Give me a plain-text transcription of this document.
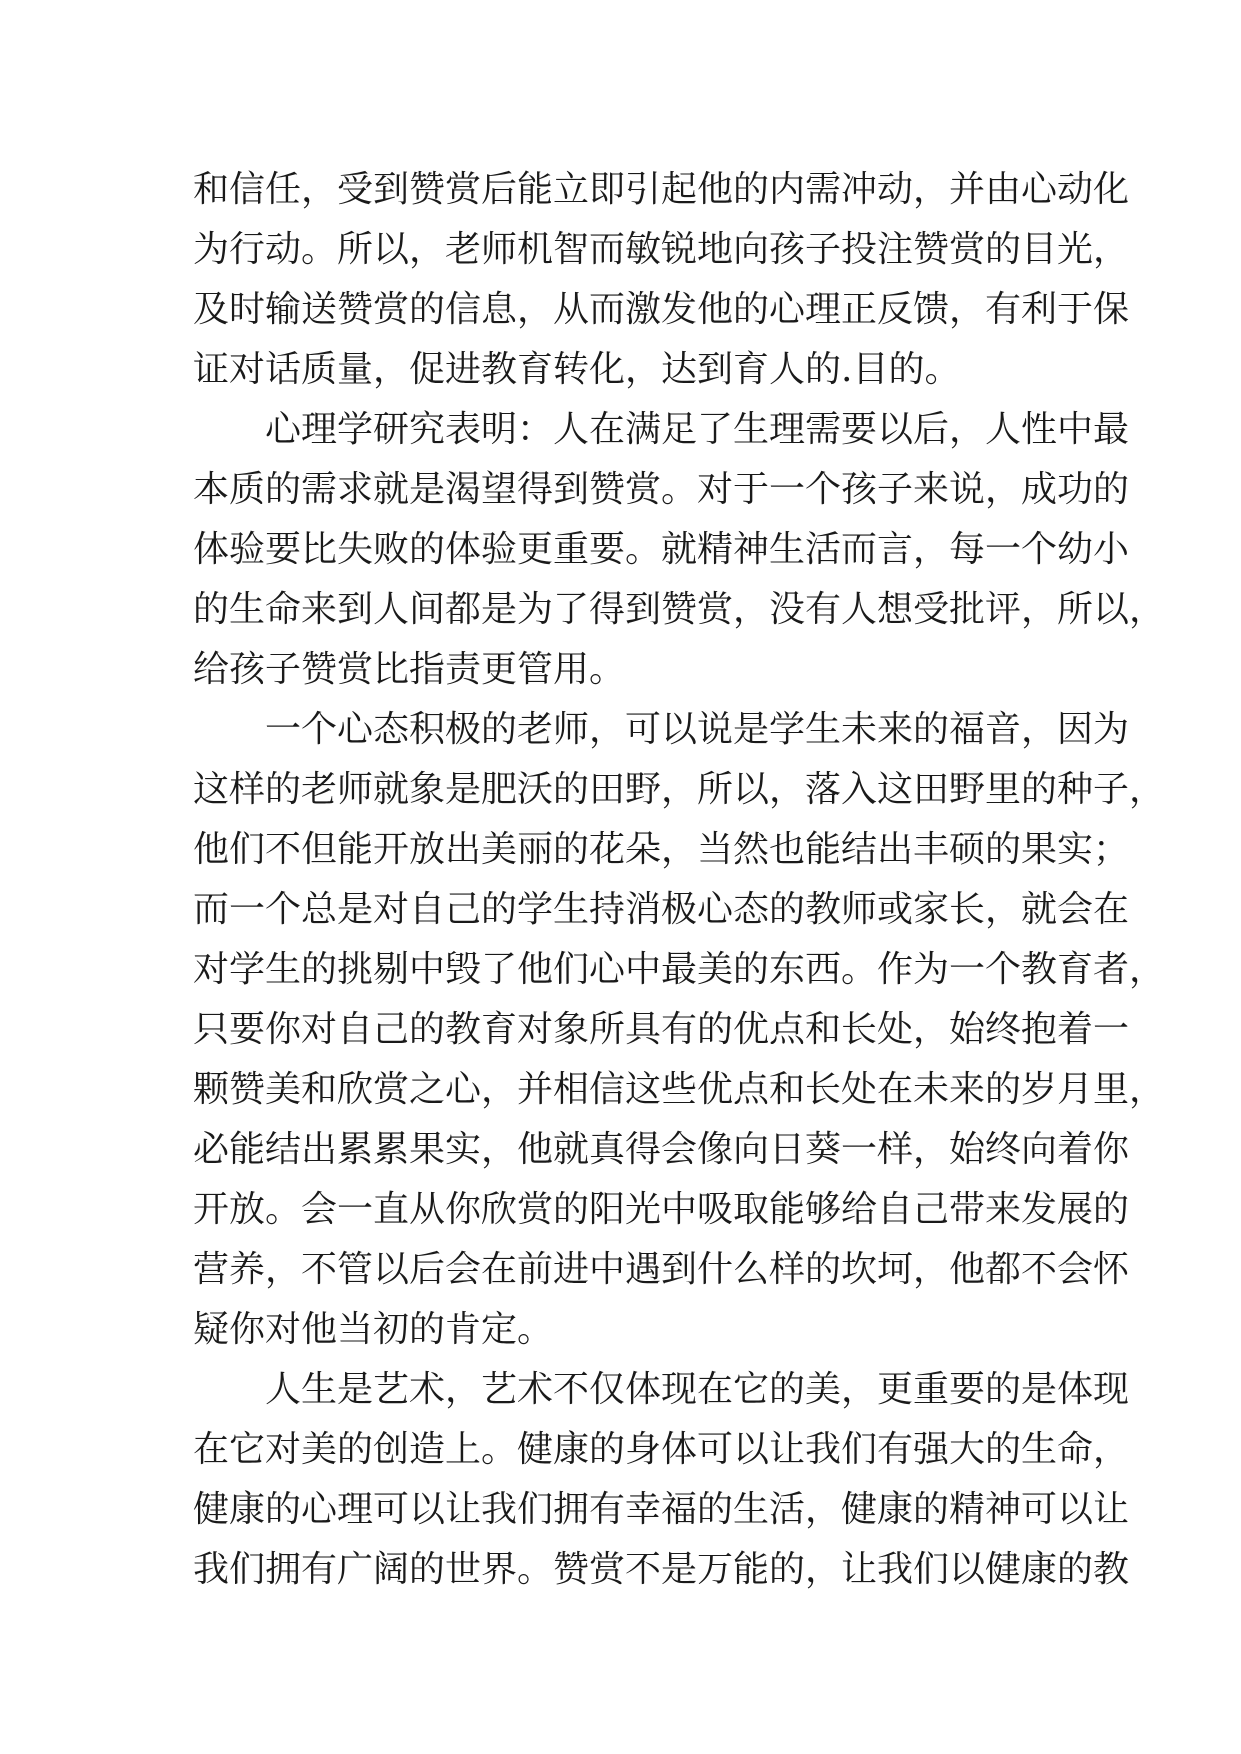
和信任，受到赞赏后能立即引起他的内需冲动，并由心动化
为行动。所以，老师机智而敏锐地向孩子投注赞赏的目光，
及时输送赞赏的信息，从而激发他的心理正反馈，有利于保
证对话质量，促进教育转化，达到育人的.目的。
心理学研究表明：人在满足了生理需要以后，人性中最
本质的需求就是渴望得到赞赏。对于一个孩子来说，成功的
体验要比失败的体验更重要。就精神生活而言，每一个幼小
的生命来到人间都是为了得到赞赏，没有人想受批评，所以，
给孩子赞赏比指责更管用。
一个心态积极的老师，可以说是学生未来的福音，因为
这样的老师就象是肥沃的田野，所以，落入这田野里的种子，
他们不但能开放出美丽的花朵，当然也能结出丰硕的果实；
而一个总是对自己的学生持消极心态的教师或家长，就会在
对学生的挑剔中毁了他们心中最美的东西。作为一个教育者，
只要你对自己的教育对象所具有的优点和长处，始终抱着一
颗赞美和欣赏之心，并相信这些优点和长处在未来的岁月里，
必能结出累累果实，他就真得会像向日葵一样，始终向着你
开放。会一直从你欣赏的阳光中吸取能够给自己带来发展的
营养，不管以后会在前进中遇到什么样的坎坷，他都不会怀
疑你对他当初的肯定。
人生是艺术，艺术不仅体现在它的美，更重要的是体现
在它对美的创造上。健康的身体可以让我们有强大的生命，
健康的心理可以让我们拥有幸福的生活，健康的精神可以让
我们拥有广阔的世界。赞赏不是万能的，让我们以健康的教
